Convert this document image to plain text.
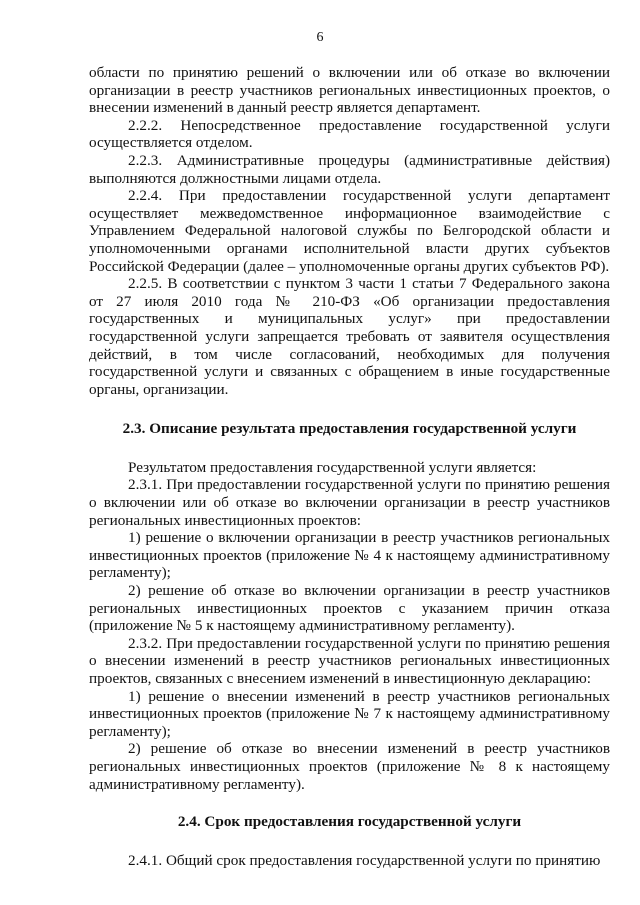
6

области по принятию решений о включении или об отказе во включении организации в реестр участников региональных инвестиционных проектов, о внесении изменений в данный реестр является департамент.

2.2.2. Непосредственное предоставление государственной услуги осуществляется отделом.

2.2.3. Административные процедуры (административные действия) выполняются должностными лицами отдела.

2.2.4. При предоставлении государственной услуги департамент осуществляет межведомственное информационное взаимодействие с Управлением Федеральной налоговой службы по Белгородской области и уполномоченными органами исполнительной власти других субъектов Российской Федерации (далее – уполномоченные органы других субъектов РФ).

2.2.5. В соответствии с пунктом 3 части 1 статьи 7 Федерального закона от 27 июля 2010 года № 210-ФЗ «Об организации предоставления государственных и муниципальных услуг» при предоставлении государственной услуги запрещается требовать от заявителя осуществления действий, в том числе согласований, необходимых для получения государственной услуги и связанных с обращением в иные государственные органы, организации.

2.3. Описание результата предоставления государственной услуги

Результатом предоставления государственной услуги является:

2.3.1. При предоставлении государственной услуги по принятию решения о включении или об отказе во включении организации в реестр участников региональных инвестиционных проектов:

1) решение о включении организации в реестр участников региональных инвестиционных проектов (приложение № 4 к настоящему административному регламенту);

2) решение об отказе во включении организации в реестр участников региональных инвестиционных проектов с указанием причин отказа (приложение № 5 к настоящему административному регламенту).

2.3.2. При предоставлении государственной услуги по принятию решения о внесении изменений в реестр участников региональных инвестиционных проектов, связанных с внесением изменений в инвестиционную декларацию:

1) решение о внесении изменений в реестр участников региональных инвестиционных проектов (приложение № 7 к настоящему административному регламенту);

2) решение об отказе во внесении изменений в реестр участников региональных инвестиционных проектов (приложение № 8 к настоящему административному регламенту).

2.4. Срок предоставления государственной услуги

2.4.1. Общий срок предоставления государственной услуги по принятию
